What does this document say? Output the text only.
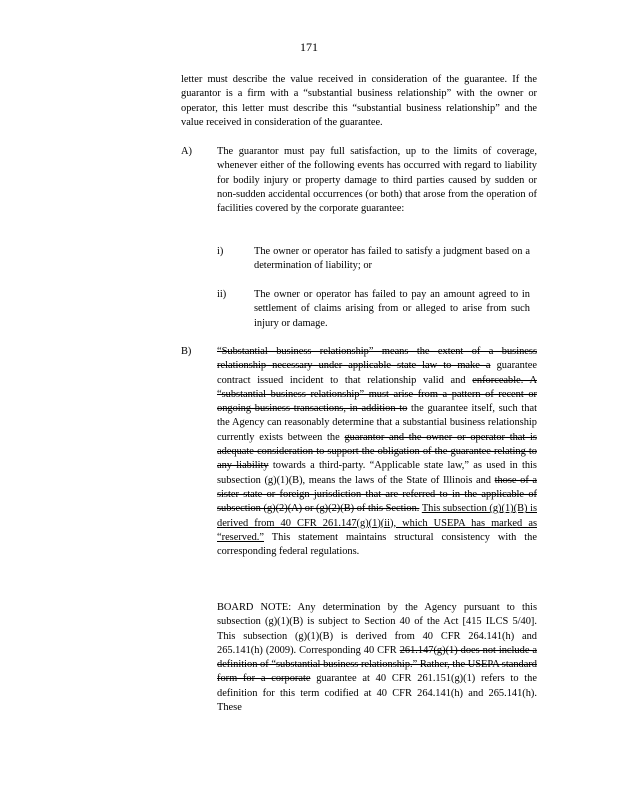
171
letter must describe the value received in consideration of the guarantee. If the guarantor is a firm with a “substantial business relationship” with the owner or operator, this letter must describe this “substantial business relationship” and the value received in consideration of the guarantee.
A) The guarantor must pay full satisfaction, up to the limits of coverage, whenever either of the following events has occurred with regard to liability for bodily injury or property damage to third parties caused by sudden or non-sudden accidental occurrences (or both) that arose from the operation of facilities covered by the corporate guarantee:
i)	The owner or operator has failed to satisfy a judgment based on a determination of liability; or
ii)	The owner or operator has failed to pay an amount agreed to in settlement of claims arising from or alleged to arise from such injury or damage.
B) “Substantial business relationship” means the extent of a business relationship necessary under applicable state law to make a guarantee contract issued incident to that relationship valid and enforceable. A “substantial business relationship” must arise from a pattern of recent or ongoing business transactions, in addition to the guarantee itself, such that the Agency can reasonably determine that a substantial business relationship currently exists between the guarantor and the owner or operator that is adequate consideration to support the obligation of the guarantee relating to any liability towards a third-party. “Applicable state law,” as used in this subsection (g)(1)(B), means the laws of the State of Illinois and those of a sister state or foreign jurisdiction that are referred to in the applicable of subsection (g)(2)(A) or (g)(2)(B) of this Section. This subsection (g)(1)(B) is derived from 40 CFR 261.147(g)(1)(ii), which USEPA has marked as “reserved.” This statement maintains structural consistency with the corresponding federal regulations.
BOARD NOTE: Any determination by the Agency pursuant to this subsection (g)(1)(B) is subject to Section 40 of the Act [415 ILCS 5/40]. This subsection (g)(1)(B) is derived from 40 CFR 264.141(h) and 265.141(h) (2009). Corresponding 40 CFR 261.147(g)(1) does not include a definition of “substantial business relationship.” Rather, the USEPA standard form for a corporate guarantee at 40 CFR 261.151(g)(1) refers to the definition for this term codified at 40 CFR 264.141(h) and 265.141(h). These
